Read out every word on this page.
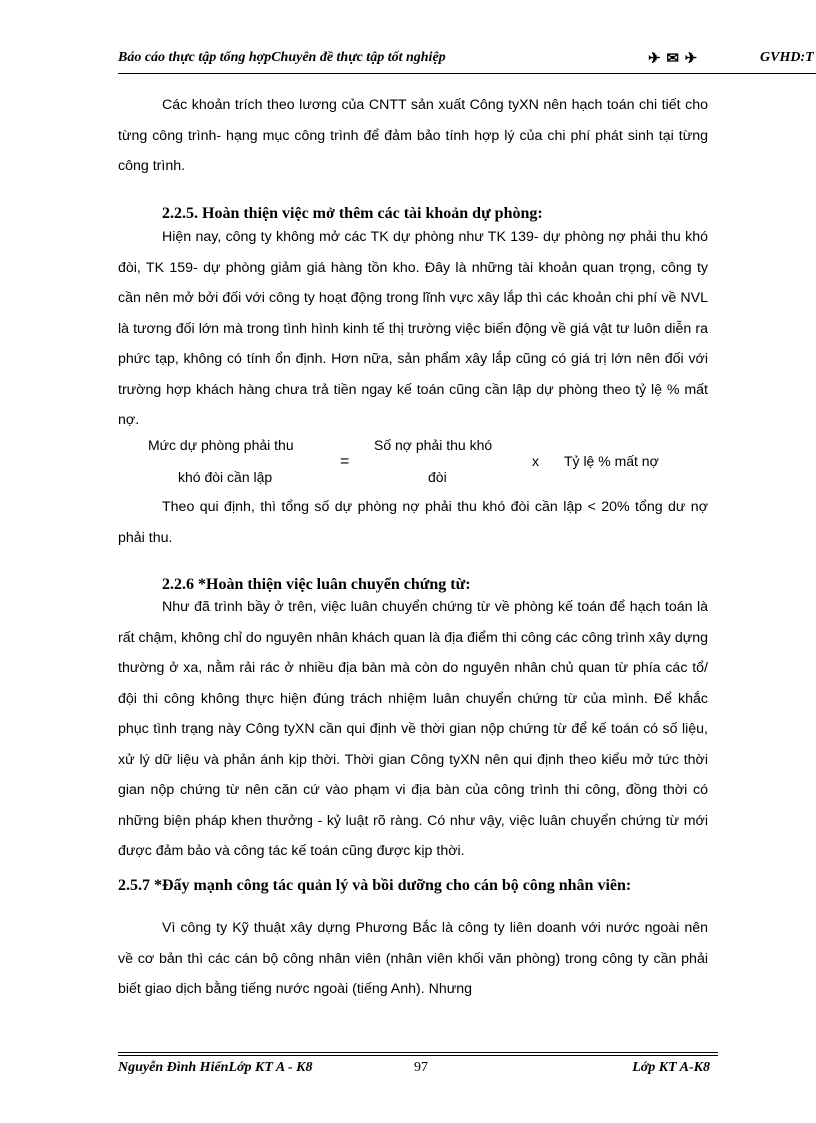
Báo cáo thực tập tổng hợpChuyên đề thực tập tốt nghiệp	✈ ✉ ✈	GVHD:T

Các khoản trích theo lương của CNTT sản xuất Công tyXN nên hạch toán chi tiết cho từng công trình- hạng mục công trình để đảm bảo tính hợp lý của chi phí phát sinh tại từng công trình.

2.2.5. Hoàn thiện việc mở thêm các tài khoản dự phòng:

Hiện nay, công ty không mở các TK dự phòng như TK 139- dự phòng nợ phải thu khó đòi, TK 159- dự phòng giảm giá hàng tồn kho. Đây là những tài khoản quan trọng, công ty cần nên mở bởi đối với công ty hoạt động trong lĩnh vực xây lắp thì các khoản chi phí về NVL là tương đối lớn mà trong tình hình kinh tế thị trường việc biến động về giá vật tư luôn diễn ra phức tạp, không có tính ổn định. Hơn nữa, sản phẩm xây lắp cũng có giá trị lớn nên đối với trường hợp khách hàng chưa trả tiền ngay kế toán cũng cần lập dự phòng theo tỷ lệ % mất nợ.

Mức dự phòng phải thu
khó đòi cần lập
=
Số nợ phải thu khó
đòi
x Tỷ lệ % mất nợ

Theo qui định, thì tổng số dự phòng nợ phải thu khó đòi cần lập < 20% tổng dư nợ phải thu.

2.2.6 *Hoàn thiện việc luân chuyển chứng từ:

Như đã trình bầy ở trên, việc luân chuyển chứng từ về phòng kế toán để hạch toán là rất chậm, không chỉ do nguyên nhân khách quan là địa điểm thi công các công trình xây dựng thường ở xa, nằm rải rác ở nhiều địa bàn mà còn do nguyên nhân chủ quan từ phía các tổ/ đội thi công không thực hiện đúng trách nhiệm luân chuyển chứng từ của mình. Để khắc phục tình trạng này Công tyXN cần qui định về thời gian nộp chứng từ để kế toán có số liệu, xử lý dữ liệu và phản ánh kịp thời. Thời gian Công tyXN nên qui định theo kiểu mở tức thời gian nộp chứng từ nên căn cứ vào phạm vi địa bàn của công trình thi công, đồng thời có những biện pháp khen thưởng - kỷ luật rõ ràng. Có như vậy, việc luân chuyển chứng từ mới được đảm bảo và công tác kế toán cũng được kịp thời.

2.5.7 *Đẩy mạnh công tác quản lý và bồi dưỡng cho cán bộ công nhân viên:

Vì công ty Kỹ thuật xây dựng Phương Bắc là công ty liên doanh với nước ngoài nên về cơ bản thì các cán bộ công nhân viên (nhân viên khối văn phòng) trong công ty cần phải biết giao dịch bằng tiếng nước ngoài (tiếng Anh). Nhưng

Nguyễn Đình HiểnLớp KT A - K8	97	Lớp KT A-K8
